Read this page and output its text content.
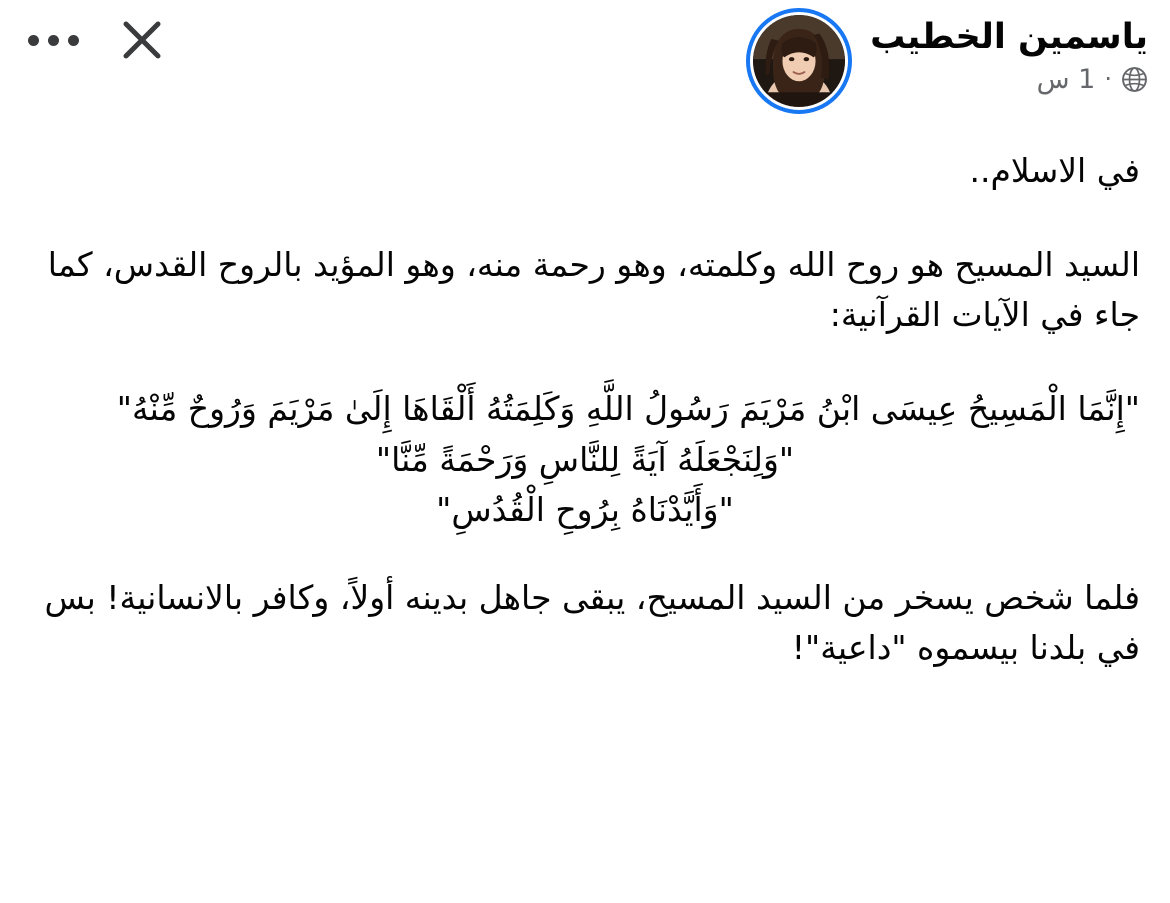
ياسمين الخطيب
·
1 س

في الاسلام..

السيد المسيح هو روح الله وكلمته، وهو رحمة منه، وهو المؤيد بالروح القدس، كما جاء في الآيات القرآنية:

"إِنَّمَا الْمَسِيحُ عِيسَى ابْنُ مَرْيَمَ رَسُولُ اللَّهِ وَكَلِمَتُهُ أَلْقَاهَا إِلَىٰ مَرْيَمَ وَرُوحٌ مِّنْهُ"

"وَلِنَجْعَلَهُ آيَةً لِلنَّاسِ وَرَحْمَةً مِّنَّا"

"وَأَيَّدْنَاهُ بِرُوحِ الْقُدُسِ"

فلما شخص يسخر من السيد المسيح، يبقى جاهل بدينه أولاً، وكافر بالانسانية! بس في بلدنا بيسموه "داعية"!
